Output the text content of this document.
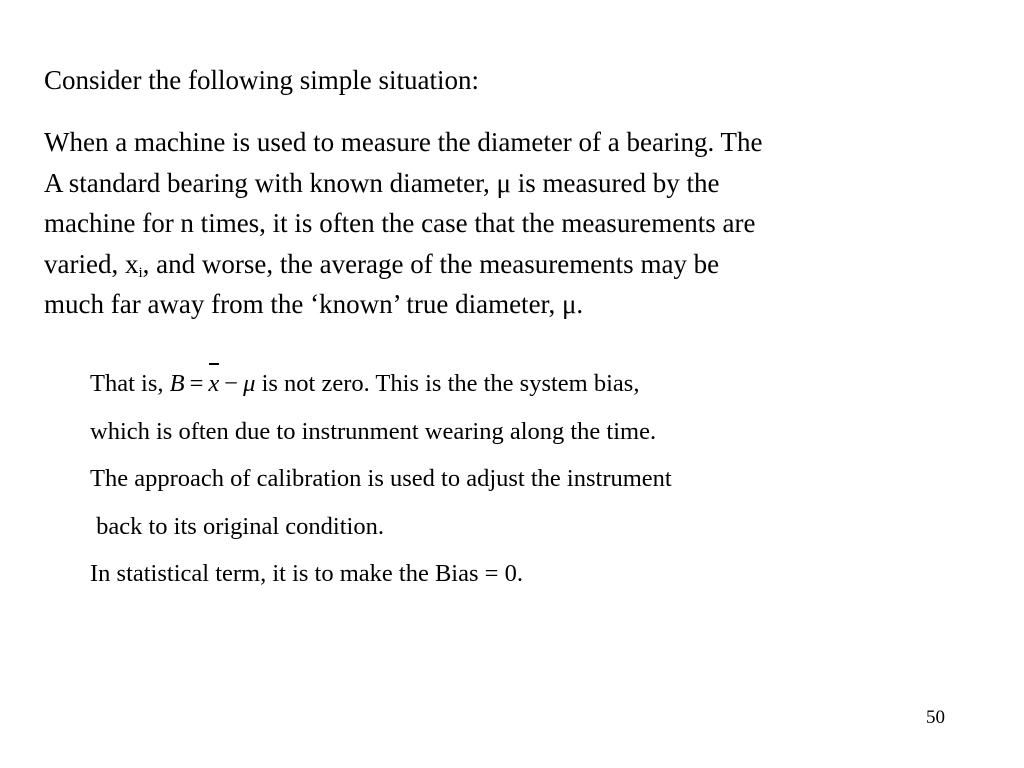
Consider the following simple situation:
When a machine is used to measure the diameter of a bearing. The
A standard bearing with known diameter, μ is measured by the
machine for n times, it is often the case that the measurements are
varied, $x_i$, and worse, the average of the measurements may be
much far away from the ‘known’ true diameter, μ.
That is, B = x − μ is not zero. This is the the system bias,
which is often due to instrunment wearing along the time.
The approach of calibration is used to adjust the instrument
back to its original condition.
In statistical term, it is to make the Bias = 0.
50
